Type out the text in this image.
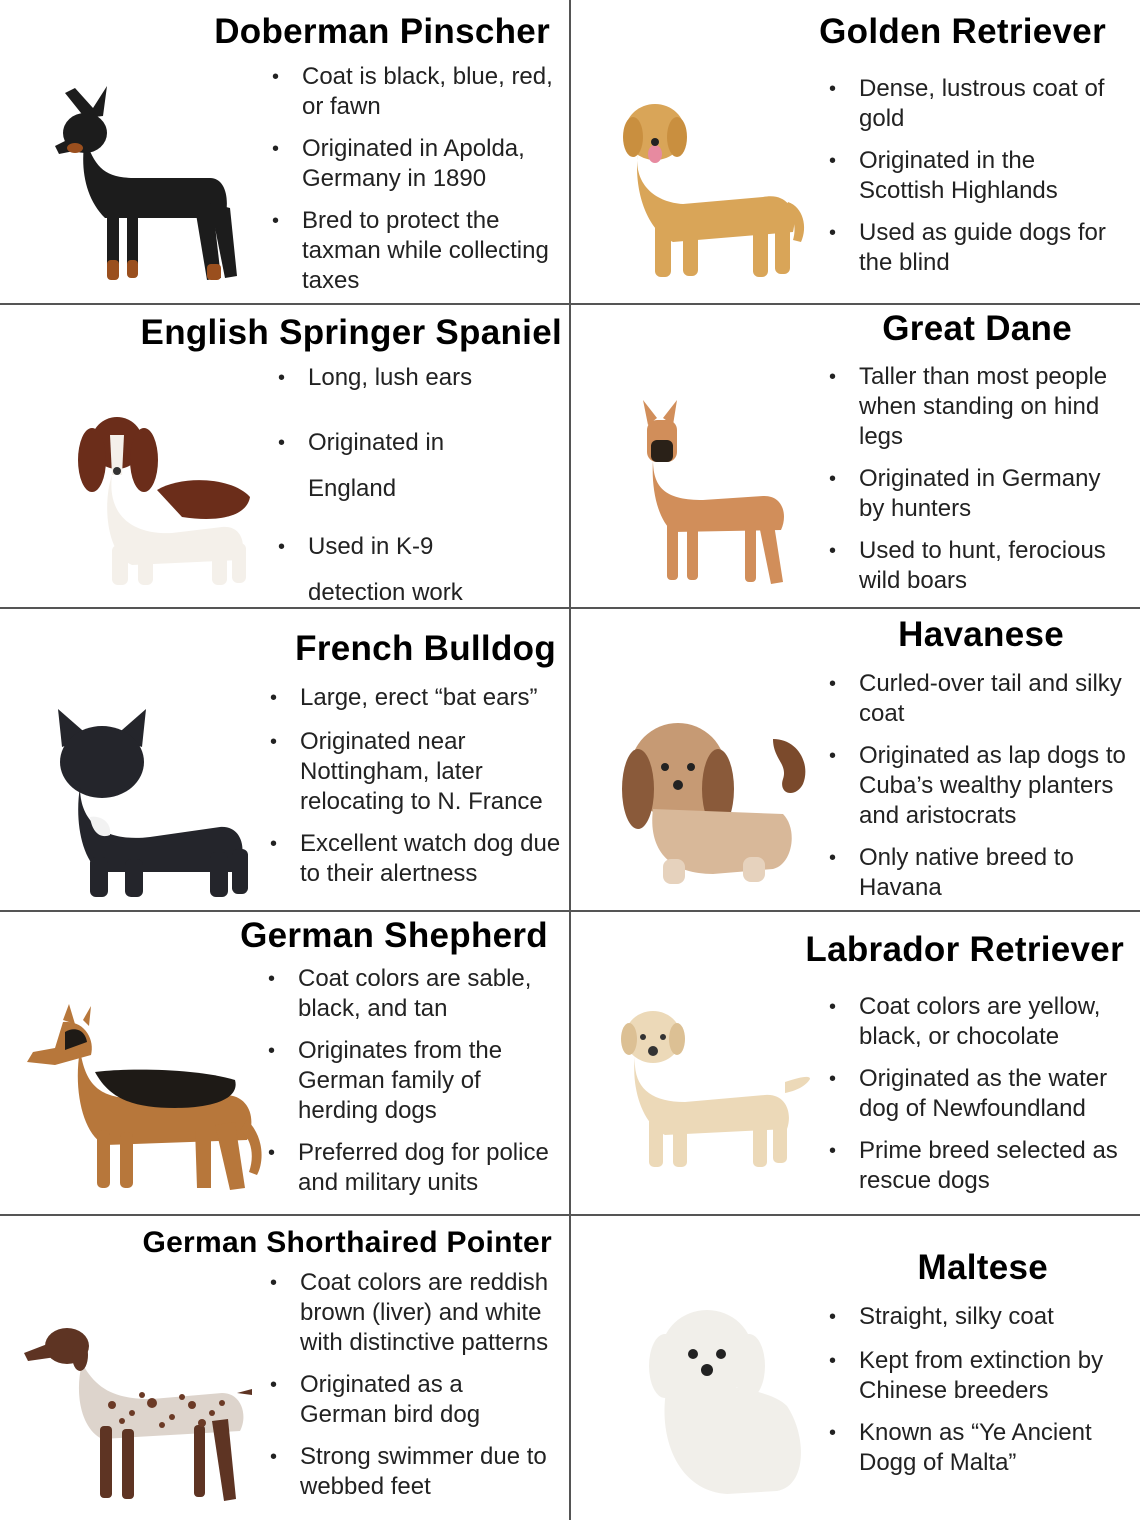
Doberman Pinscher
• Coat is black, blue, red, or fawn
• Originated in Apolda, Germany in 1890
• Bred to protect the taxman while collecting taxes
Golden Retriever
• Dense, lustrous coat of gold
• Originated in the Scottish Highlands
• Used as guide dogs for the blind
English Springer Spaniel
• Long, lush ears
• Originated in England
• Used in K-9 detection work
Great Dane
• Taller than most people when standing on hind legs
• Originated in Germany by hunters
• Used to hunt, ferocious wild boars
French Bulldog
• Large, erect “bat ears”
• Originated near Nottingham, later relocating to N. France
• Excellent watch dog due to their alertness
Havanese
• Curled-over tail and silky coat
• Originated as lap dogs to Cuba’s wealthy planters and aristocrats
• Only native breed to Havana
German Shepherd
• Coat colors are sable, black, and tan
• Originates from the German family of herding dogs
• Preferred dog for police and military units
Labrador Retriever
• Coat colors are yellow, black, or chocolate
• Originated as the water dog of Newfoundland
• Prime breed selected as rescue dogs
German Shorthaired Pointer
• Coat colors are reddish brown (liver) and white with distinctive patterns
• Originated as a German bird dog
• Strong swimmer due to webbed feet
Maltese
• Straight, silky coat
• Kept from extinction by Chinese breeders
• Known as “Ye Ancient Dogg of Malta”
